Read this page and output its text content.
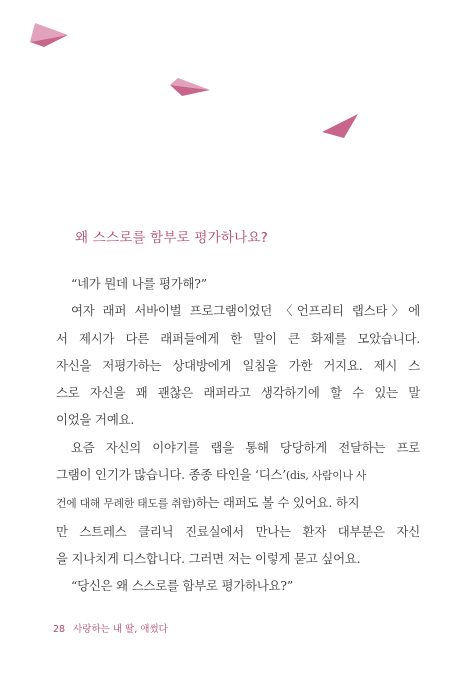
왜 스스로를 함부로 평가하나요?
“네가 뭔데 나를 평가해?”
여자 래퍼 서바이벌 프로그램이었던 〈언프리티 랩스타〉에
서 제시가 다른 래퍼들에게 한 말이 큰 화제를 모았습니다.
자신을 저평가하는 상대방에게 일침을 가한 거지요. 제시 스
스로 자신을 꽤 괜찮은 래퍼라고 생각하기에 할 수 있는 말
이었을 거예요.
요즘 자신의 이야기를 랩을 통해 당당하게 전달하는 프로
그램이 인기가 많습니다. 종종 타인을 ‘디스’(dis, 사람이나 사
건에 대해 무례한 태도를 취함)하는 래퍼도 볼 수 있어요. 하지
만 스트레스 클리닉 진료실에서 만나는 환자 대부분은 자신
을 지나치게 디스합니다. 그러면 저는 이렇게 묻고 싶어요.
“당신은 왜 스스로를 함부로 평가하나요?”
28 사랑하는 내 딸, 애썼다
